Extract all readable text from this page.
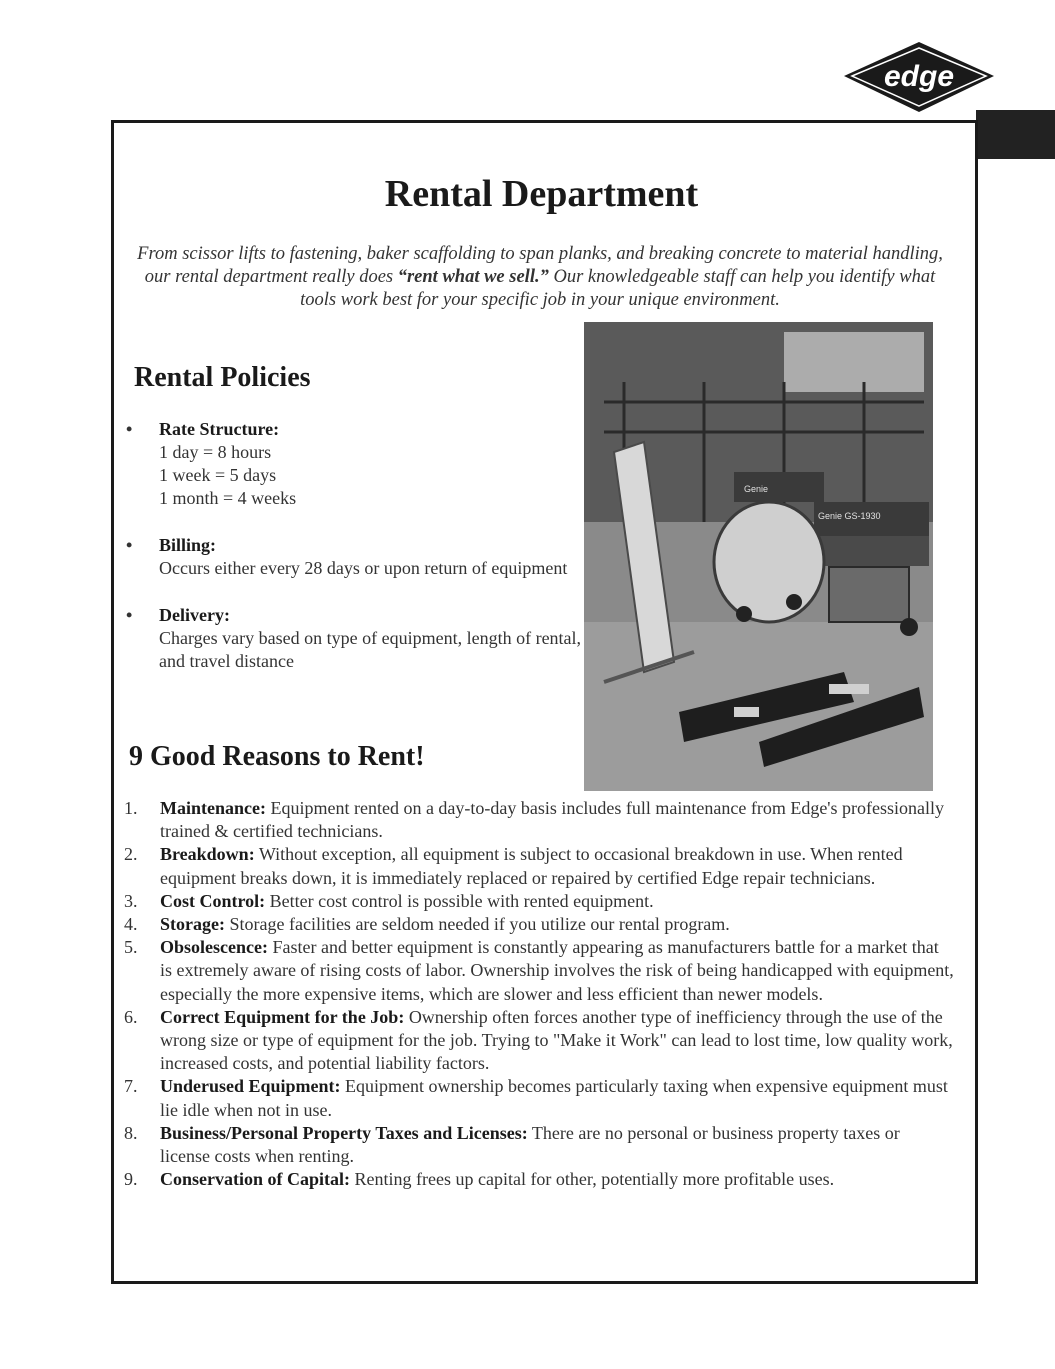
edge
Rental Department

From scissor lifts to fastening, baker scaffolding to span planks, and breaking concrete to material handling, our rental department really does “rent what we sell.” Our knowledgeable staff can help you identify what tools work best for your specific job in your unique environment.

Rental Policies
• Rate Structure:
1 day = 8 hours
1 week = 5 days
1 month = 4 weeks
• Billing:
Occurs either every 28 days or upon return of equipment
• Delivery:
Charges vary based on type of equipment, length of rental, and travel distance
Genie
Genie GS-1930
9 Good Reasons to Rent!
1.	Maintenance: Equipment rented on a day-to-day basis includes full maintenance from Edge's professionally trained & certified technicians.
2.	Breakdown: Without exception, all equipment is subject to occasional breakdown in use. When rented equipment breaks down, it is immediately replaced or repaired by certified Edge repair technicians.
3.	Cost Control: Better cost control is possible with rented equipment.
4.	Storage: Storage facilities are seldom needed if you utilize our rental program.
5.	Obsolescence: Faster and better equipment is constantly appearing as manufacturers battle for a market that is extremely aware of rising costs of labor. Ownership involves the risk of being handicapped with equipment, especially the more expensive items, which are slower and less efficient than newer models.
6.	Correct Equipment for the Job: Ownership often forces another type of inefficiency through the use of the wrong size or type of equipment for the job. Trying to "Make it Work" can lead to lost time, low quality work, increased costs, and potential liability factors.
7.	Underused Equipment: Equipment ownership becomes particularly taxing when expensive equipment must lie idle when not in use.
8.	Business/Personal Property Taxes and Licenses: There are no personal or business property taxes or license costs when renting.
9.	Conservation of Capital: Renting frees up capital for other, potentially more profitable uses.
